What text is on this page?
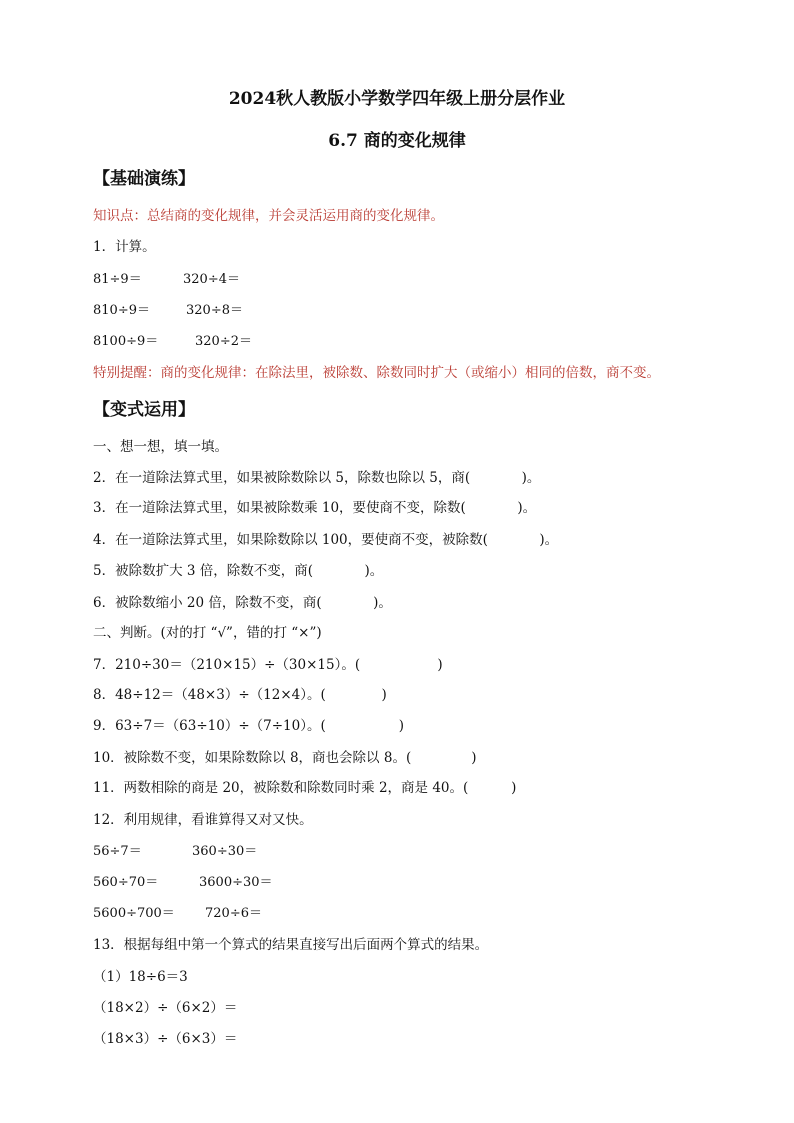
2024秋人教版小学数学四年级上册分层作业
6.7 商的变化规律
【基础演练】
知识点：总结商的变化规律，并会灵活运用商的变化规律。
1．计算。
81÷9＝	320÷4＝
810÷9＝	320÷8＝
8100÷9＝	320÷2＝
特别提醒：商的变化规律：在除法里，被除数、除数同时扩大（或缩小）相同的倍数，商不变。
【变式运用】
一、想一想，填一填。
2．在一道除法算式里，如果被除数除以 5，除数也除以 5，商(            )。
3．在一道除法算式里，如果被除数乘 10，要使商不变，除数(            )。
4．在一道除法算式里，如果除数除以 100，要使商不变，被除数(            )。
5．被除数扩大 3 倍，除数不变，商(            )。
6．被除数缩小 20 倍，除数不变，商(            )。
二、判断。(对的打 “√”，错的打 “×”)
7．210÷30＝（210×15）÷（30×15）。(                  )
8．48÷12＝（48×3）÷（12×4）。(             )
9．63÷7＝（63÷10）÷（7÷10）。(                 )
10．被除数不变，如果除数除以 8，商也会除以 8。(              )
11．两数相除的商是 20，被除数和除数同时乘 2，商是 40。(          )
12．利用规律，看谁算得又对又快。
56÷7＝	360÷30＝
560÷70＝	3600÷30＝
5600÷700＝ 720÷6＝
13．根据每组中第一个算式的结果直接写出后面两个算式的结果。
（1）18÷6＝3
（18×2）÷（6×2）＝
（18×3）÷（6×3）＝
